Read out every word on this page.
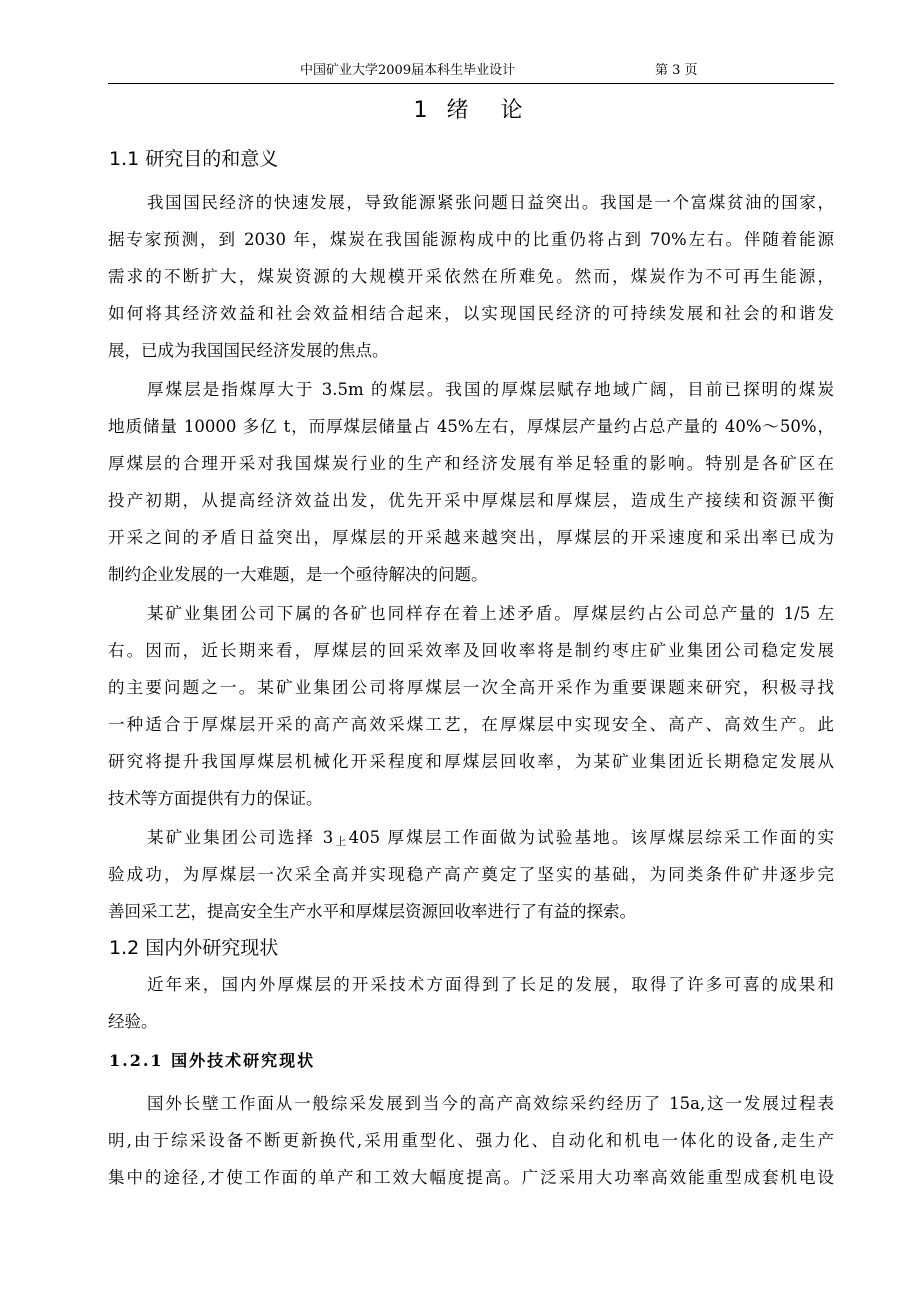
中国矿业大学2009届本科生毕业设计	第 3 页
1 绪  论
1.1 研究目的和意义
我国国民经济的快速发展，导致能源紧张问题日益突出。我国是一个富煤贫油的国家，
据专家预测，到 2030 年，煤炭在我国能源构成中的比重仍将占到 70%左右。伴随着能源
需求的不断扩大，煤炭资源的大规模开采依然在所难免。然而，煤炭作为不可再生能源，
如何将其经济效益和社会效益相结合起来，以实现国民经济的可持续发展和社会的和谐发
展，已成为我国国民经济发展的焦点。
厚煤层是指煤厚大于 3.5m 的煤层。我国的厚煤层赋存地域广阔，目前已探明的煤炭
地质储量 10000 多亿 t，而厚煤层储量占 45%左右，厚煤层产量约占总产量的 40%～50%，
厚煤层的合理开采对我国煤炭行业的生产和经济发展有举足轻重的影响。特别是各矿区在
投产初期，从提高经济效益出发，优先开采中厚煤层和厚煤层，造成生产接续和资源平衡
开采之间的矛盾日益突出，厚煤层的开采越来越突出，厚煤层的开采速度和采出率已成为
制约企业发展的一大难题，是一个亟待解决的问题。
某矿业集团公司下属的各矿也同样存在着上述矛盾。厚煤层约占公司总产量的 1/5 左
右。因而，近长期来看，厚煤层的回采效率及回收率将是制约枣庄矿业集团公司稳定发展
的主要问题之一。某矿业集团公司将厚煤层一次全高开采作为重要课题来研究，积极寻找
一种适合于厚煤层开采的高产高效采煤工艺，在厚煤层中实现安全、高产、高效生产。此
研究将提升我国厚煤层机械化开采程度和厚煤层回收率，为某矿业集团近长期稳定发展从
技术等方面提供有力的保证。
某矿业集团公司选择 $3_上405$ 厚煤层工作面做为试验基地。该厚煤层综采工作面的实
验成功，为厚煤层一次采全高并实现稳产高产奠定了坚实的基础，为同类条件矿井逐步完
善回采工艺，提高安全生产水平和厚煤层资源回收率进行了有益的探索。
1.2 国内外研究现状
近年来，国内外厚煤层的开采技术方面得到了长足的发展，取得了许多可喜的成果和
经验。
1.2.1 国外技术研究现状
国外长壁工作面从一般综采发展到当今的高产高效综采约经历了 15a,这一发展过程表
明,由于综采设备不断更新换代,采用重型化、强力化、自动化和机电一体化的设备,走生产
集中的途径,才使工作面的单产和工效大幅度提高。广泛采用大功率高效能重型成套机电设
